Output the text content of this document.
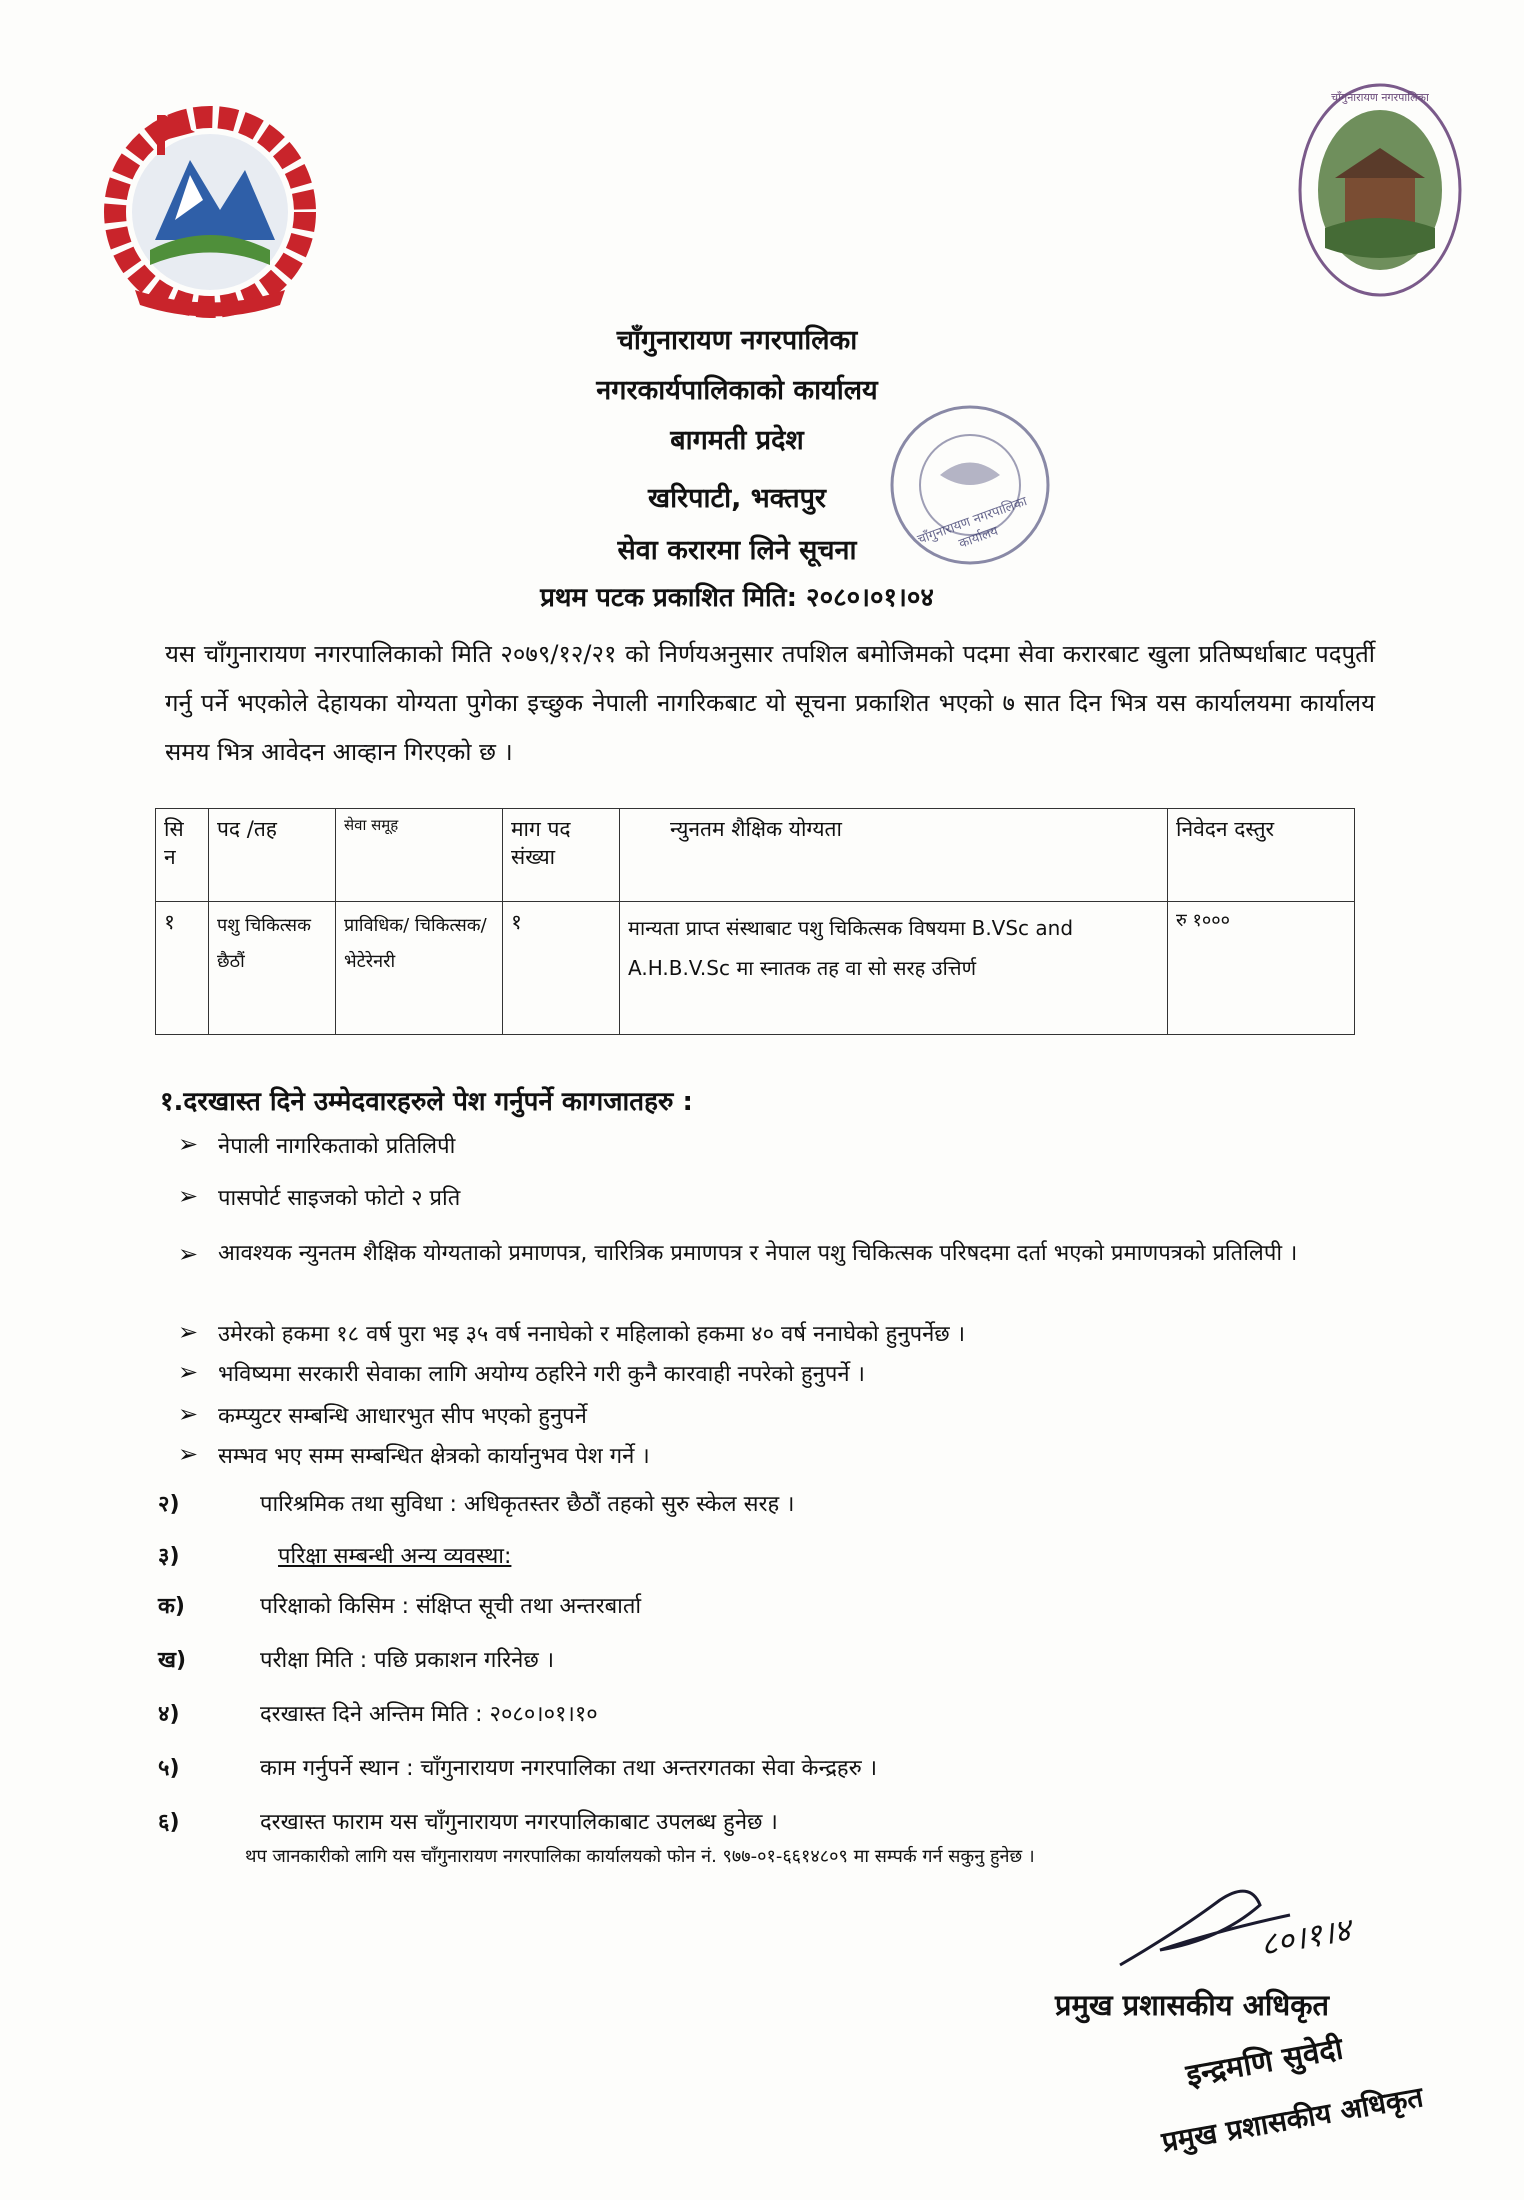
चाँगुनारायण नगरपालिका
चाँगुनारायण नगरपालिका
नगरकार्यपालिकाको कार्यालय
बागमती प्रदेश
खरिपाटी, भक्तपुर
सेवा करारमा लिने सूचना
प्रथम पटक प्रकाशित मिति: २०८०।०१।०४
चाँगुनारायण नगरपालिका कार्यालय
यस चाँगुनारायण नगरपालिकाको मिति २०७९/१२/२१ को निर्णयअनुसार तपशिल बमोजिमको पदमा सेवा करारबाट खुला प्रतिष्पर्धाबाट पदपुर्ती गर्नु पर्ने भएकोले देहायका योग्यता पुगेका इच्छुक नेपाली नागरिकबाट यो सूचना प्रकाशित भएको ७ सात दिन भित्र यस कार्यालयमा कार्यालय समय भित्र आवेदन आव्हान गिरएको छ ।
सि न	पद /तह	सेवा समूह	माग पद संख्या	न्युनतम शैक्षिक योग्यता	निवेदन दस्तुर
१	पशु चिकित्सक छैठौं	प्राविधिक/ चिकित्सक/ भेटेरेनरी	१	मान्यता प्राप्त संस्थाबाट पशु चिकित्सक विषयमा B.VSc and A.H.B.V.Sc मा स्नातक तह वा सो सरह उत्तिर्ण	रु १०००
१.दरखास्त दिने उम्मेदवारहरुले पेश गर्नुपर्ने कागजातहरु :
➢ नेपाली नागरिकताको प्रतिलिपी
➢ पासपोर्ट साइजको फोटो २ प्रति
➢ आवश्यक न्युनतम शैक्षिक योग्यताको प्रमाणपत्र, चारित्रिक प्रमाणपत्र र नेपाल पशु चिकित्सक परिषदमा दर्ता भएको प्रमाणपत्रको प्रतिलिपी ।
➢ उमेरको हकमा १८ वर्ष पुरा भइ ३५ वर्ष ननाघेको र महिलाको हकमा ४० वर्ष ननाघेको हुनुपर्नेछ ।
➢ भविष्यमा सरकारी सेवाका लागि अयोग्य ठहरिने गरी कुनै कारवाही नपरेको हुनुपर्ने ।
➢ कम्प्युटर सम्बन्धि आधारभुत सीप भएको हुनुपर्ने
➢ सम्भव भए सम्म सम्बन्धित क्षेत्रको कार्यानुभव पेश गर्ने ।
२)	पारिश्रमिक तथा सुविधा : अधिकृतस्तर छैठौं तहको सुरु स्केल सरह ।
३)	परिक्षा सम्बन्धी अन्य व्यवस्था:
क)	परिक्षाको किसिम : संक्षिप्त सूची तथा अन्तरबार्ता
ख)	परीक्षा मिति : पछि प्रकाशन गरिनेछ ।
४)	दरखास्त दिने अन्तिम मिति : २०८०।०१।१०
५)	काम गर्नुपर्ने स्थान : चाँगुनारायण नगरपालिका तथा अन्तरगतका सेवा केन्द्रहरु ।
६)	दरखास्त फाराम यस चाँगुनारायण नगरपालिकाबाट उपलब्ध हुनेछ ।
थप जानकारीको लागि यस चाँगुनारायण नगरपालिका कार्यालयको फोन नं. ९७७-०१-६६१४८०९ मा सम्पर्क गर्न सकुनु हुनेछ ।
८०।१।४
प्रमुख प्रशासकीय अधिकृत
इन्द्रमणि सुवेदी
प्रमुख प्रशासकीय अधिकृत
